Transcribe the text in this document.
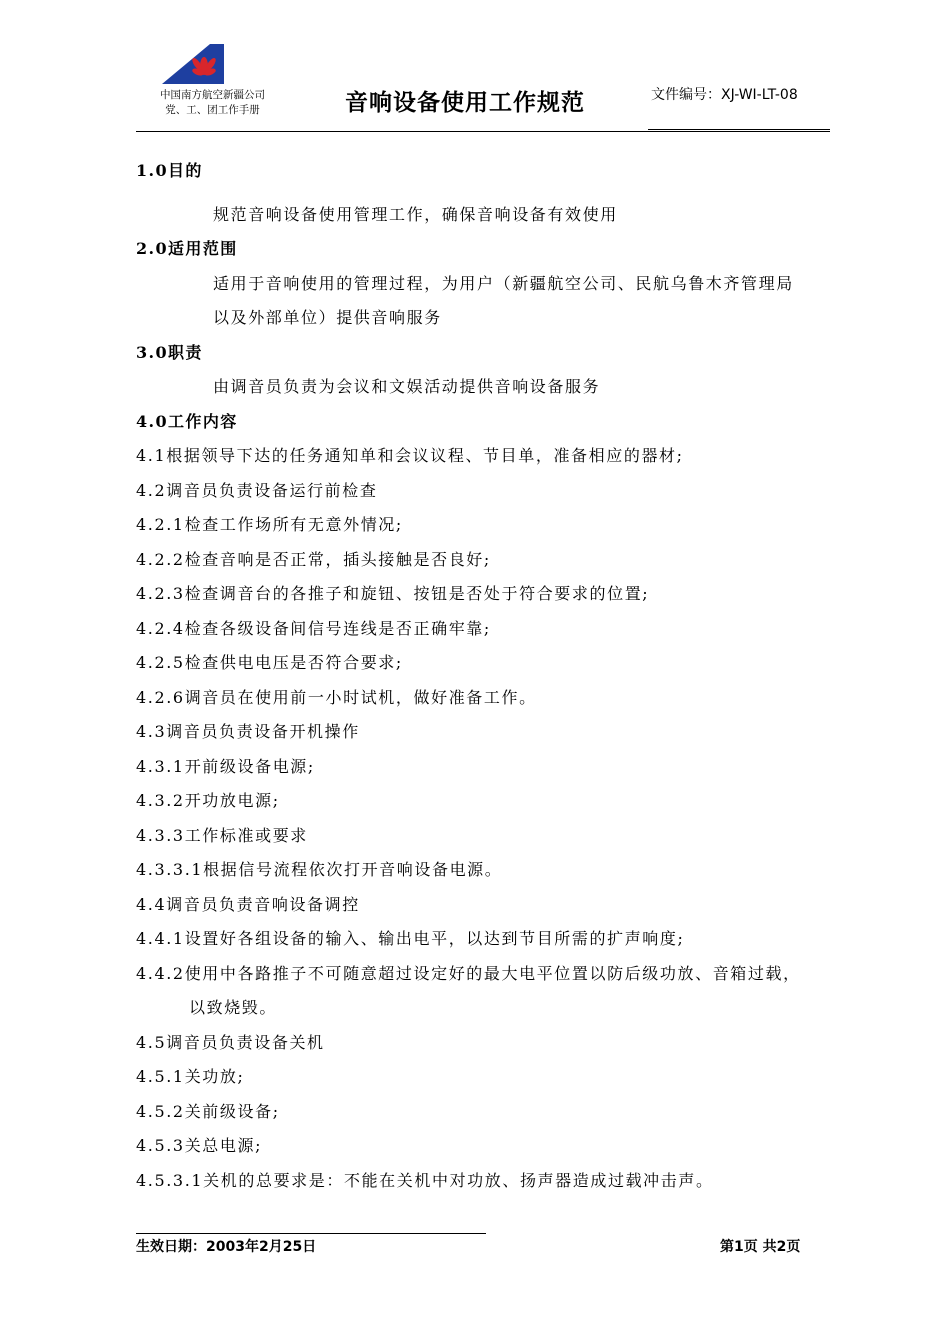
中国南方航空新疆公司
党、工、团工作手册	音响设备使用工作规范	文件编号：XJ-WI-LT-08
1.0目的
规范音响设备使用管理工作，确保音响设备有效使用
2.0适用范围
适用于音响使用的管理过程，为用户（新疆航空公司、民航乌鲁木齐管理局
以及外部单位）提供音响服务
3.0职责
由调音员负责为会议和文娱活动提供音响设备服务
4.0工作内容
4.1根据领导下达的任务通知单和会议议程、节目单，准备相应的器材;
4.2调音员负责设备运行前检查
4.2.1检查工作场所有无意外情况;
4.2.2检查音响是否正常，插头接触是否良好;
4.2.3检查调音台的各推子和旋钮、按钮是否处于符合要求的位置;
4.2.4检查各级设备间信号连线是否正确牢靠;
4.2.5检查供电电压是否符合要求;
4.2.6调音员在使用前一小时试机，做好准备工作。
4.3调音员负责设备开机操作
4.3.1开前级设备电源;
4.3.2开功放电源;
4.3.3工作标准或要求
4.3.3.1根据信号流程依次打开音响设备电源。
4.4调音员负责音响设备调控
4.4.1设置好各组设备的输入、输出电平，以达到节目所需的扩声响度;
4.4.2使用中各路推子不可随意超过设定好的最大电平位置以防后级功放、音箱过载，
以致烧毁。
4.5调音员负责设备关机
4.5.1关功放;
4.5.2关前级设备;
4.5.3关总电源;
4.5.3.1关机的总要求是：不能在关机中对功放、扬声器造成过载冲击声。
生效日期：2003年2月25日	第1页 共2页
